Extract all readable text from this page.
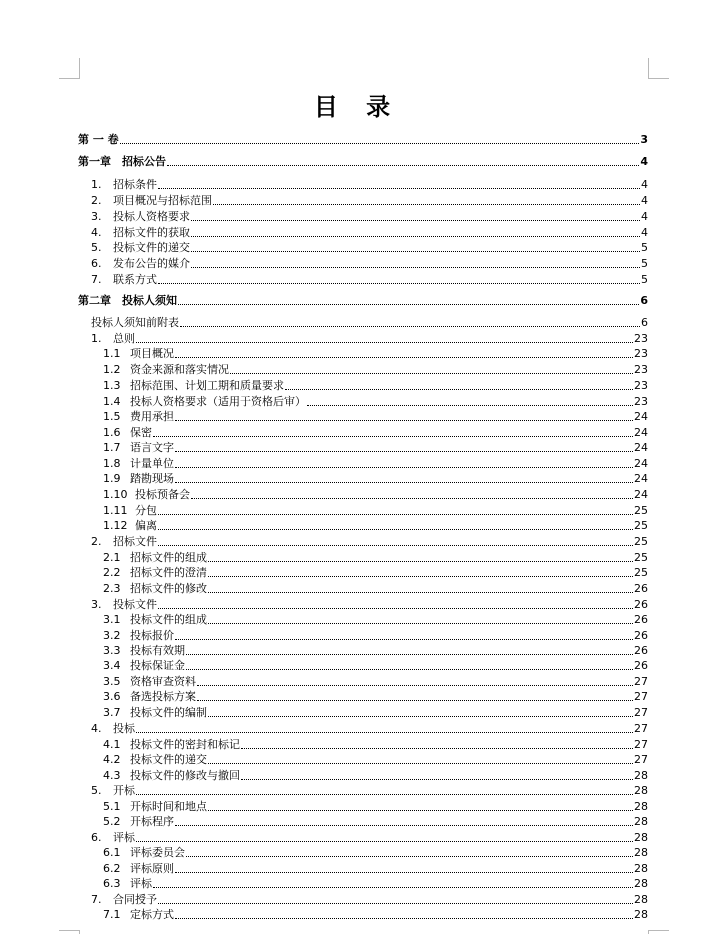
目 录
第 一 卷	3
第一章　招标公告	4
1.	招标条件	4
2.	项目概况与招标范围	4
3.	投标人资格要求	4
4.	招标文件的获取	4
5.	投标文件的递交	5
6.	发布公告的媒介	5
7.	联系方式	5
第二章　投标人须知	6
投标人须知前附表	6
1.	总则	23
1.1 项目概况	23
1.2 资金来源和落实情况	23
1.3 招标范围、计划工期和质量要求	23
1.4 投标人资格要求（适用于资格后审）	23
1.5 费用承担	24
1.6 保密	24
1.7 语言文字	24
1.8 计量单位	24
1.9 踏勘现场	24
1.10 投标预备会	24
1.11 分包	25
1.12 偏离	25
2.	招标文件	25
2.1 招标文件的组成	25
2.2 招标文件的澄清	25
2.3 招标文件的修改	26
3.	投标文件	26
3.1 投标文件的组成	26
3.2 投标报价	26
3.3 投标有效期	26
3.4 投标保证金	26
3.5 资格审查资料	27
3.6 备选投标方案	27
3.7 投标文件的编制	27
4.	投标	27
4.1 投标文件的密封和标记	27
4.2 投标文件的递交	27
4.3 投标文件的修改与撤回	28
5.	开标	28
5.1 开标时间和地点	28
5.2 开标程序	28
6.	评标	28
6.1 评标委员会	28
6.2 评标原则	28
6.3 评标	28
7.	合同授予	28
7.1 定标方式	28
